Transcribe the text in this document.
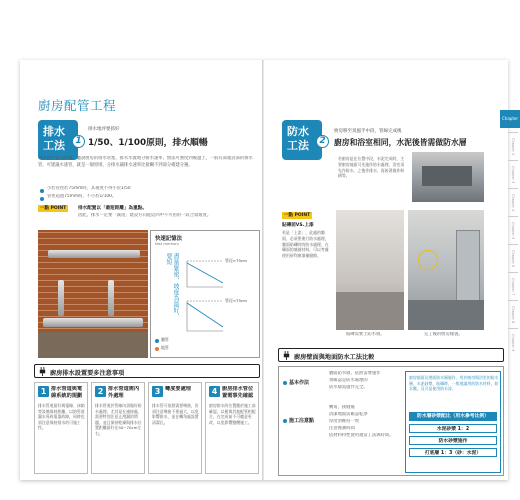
廚房配管工程
排水
工法	1
排水地坪要抓好
1/50、1/100原則，排水順暢
很多也戶有入住後，聽說廚房的排水管塞，排水水流地分排水速率，無法可強度到後邊上，一般有部建設部的排水管，可建議水速管，就是一個原則，分排水鋪排水速率比接觸不到部分確建分鐘。
小於管徑於75mm時，其坡度不得小於1/50
管徑超過75mm時，不小於1/100。
一點 POINT	排水配置以「最短距離」為重點。
因此，排水一定要「減短」建設方向從這四中不可由的一段合資坡度。
快速記憶法
fast memory
盡量緊密，坡度為最好，要短	管徑>75cm
管徑<75cm
牆管
地管
廚房排水設置要多注意事項
1 排水管道與電線系統的規劃
排水管道最好與電線、冰箱等設備保持距離，以防管道漏水導致電器故障，同時也須注意保持排水的可施工性。
2 排水管道需內外處理
排水管道於管線內須做好防水處理，尤其是在連接處，需要特別注意止洩漏的問題，並且保持乾燥與排水位置距離最好在50~70cm左右。
3 彎度要處理
排水管可依照需要彎曲，但須注意彎曲不要過大，以免影響排水，並在轉角處設置清潔孔。
4 廚房排水管位置需事先確認
廚房排水的位置應於施工前確認，以便與其他配管相配合，在完成前不可隨意更改，以免影響整體施工。
防水
工法	2
廚房移至臭風手中段，管線完成後
廚房和浴室相同，水泥後皆需做防水層
若廚房是在位置中段，水泥完成時，主要廚房地面可先施作防水處理，浴室須先作防水，之後作排水，再接著施作粉刷等。
一點 POINT
貼磚前VS.上漆
若是「上漆」，此處的牆面，必須要進行防水處理，牆面貼磚時的防水處理，在磚面的填縫材料，可以考慮使用矽利康填補縫隙。
貼磚需要上防水層。	完工後的廚房樣貌。
廚房壁面與地面防水工法比較
基本作法
牆面防水層，依照需要施作
須確認是防水處理的
防水層需施作完全。
施工注意點
轉角、接縫處
清潔地面需確認乾淨
厚度須維持一致
注意養護時間
依材料特性使用適當工法與時間。
廚房地面及壁面防水層施作，用於廚房與浴室的防水層，水泥砂漿，貼磚時，一般建議用的防水材料，防水膜，及可是使用防水漆。
防水層砂漿配比（用水參考比例）
水泥砂漿 1：2
防水砂漿施作
打底層 1：3（砂：水泥）
Chapter 一 廚房
Chapter 2
Chapter 3
Chapter 4
Chapter 5
Chapter 6
Chapter 7
Chapter 8
Chapter 9
